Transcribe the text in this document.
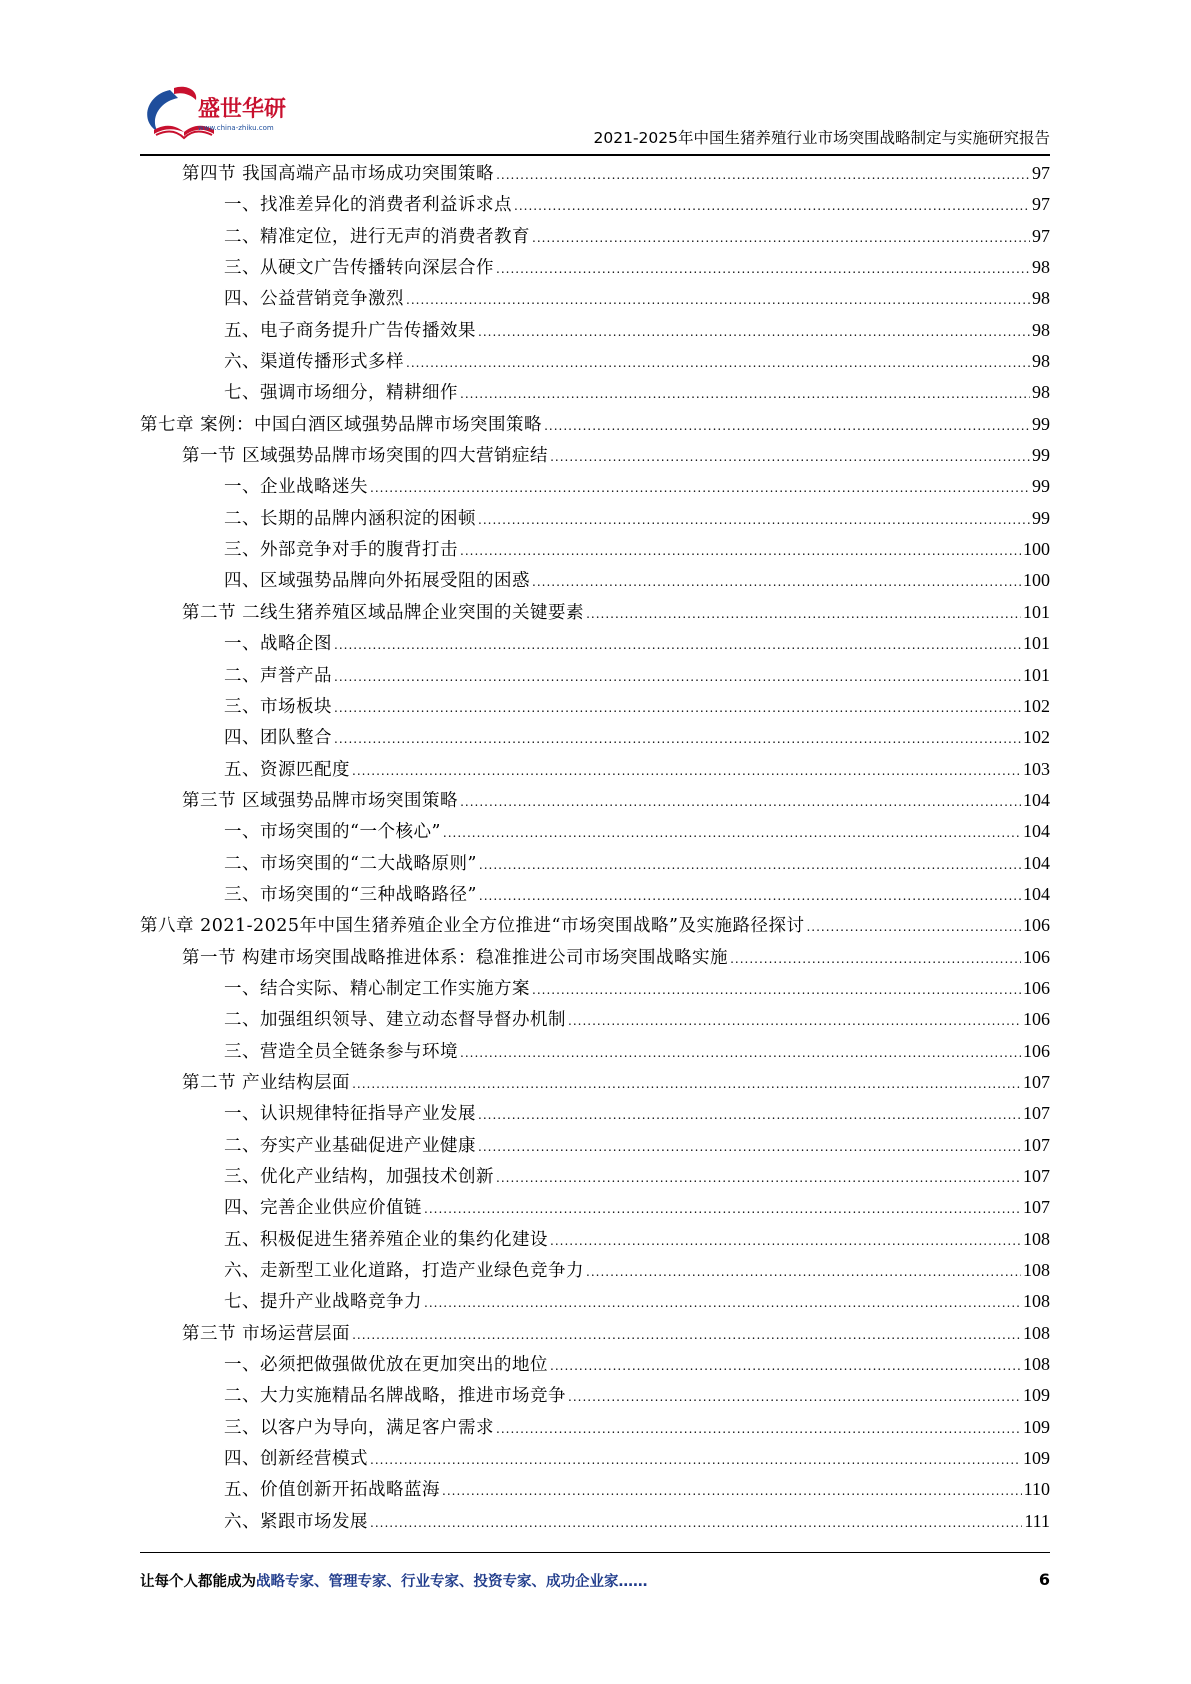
盛世华研
www.china-zhiku.com
2021-2025年中国生猪养殖行业市场突围战略制定与实施研究报告
第四节 我国高端产品市场成功突围策略 .....	97
一、找准差异化的消费者利益诉求点 .....	97
二、精准定位，进行无声的消费者教育 .....	97
三、从硬文广告传播转向深层合作 .....	98
四、公益营销竞争激烈 .....	98
五、电子商务提升广告传播效果 .....	98
六、渠道传播形式多样 .....	98
七、强调市场细分，精耕细作 .....	98
第七章 案例：中国白酒区域强势品牌市场突围策略 .....	99
第一节 区域强势品牌市场突围的四大营销症结 .....	99
一、企业战略迷失 .....	99
二、长期的品牌内涵积淀的困顿 .....	99
三、外部竞争对手的腹背打击 .....	100
四、区域强势品牌向外拓展受阻的困惑 .....	100
第二节 二线生猪养殖区域品牌企业突围的关键要素 .....	101
一、战略企图 .....	101
二、声誉产品 .....	101
三、市场板块 .....	102
四、团队整合 .....	102
五、资源匹配度 .....	103
第三节 区域强势品牌市场突围策略 .....	104
一、市场突围的“一个核心” .....	104
二、市场突围的“二大战略原则” .....	104
三、市场突围的“三种战略路径” .....	104
第八章 2021-2025年中国生猪养殖企业全方位推进“市场突围战略”及实施路径探讨 .....	106
第一节 构建市场突围战略推进体系：稳准推进公司市场突围战略实施 .....	106
一、结合实际、精心制定工作实施方案 .....	106
二、加强组织领导、建立动态督导督办机制 .....	106
三、营造全员全链条参与环境 .....	106
第二节 产业结构层面 .....	107
一、认识规律特征指导产业发展 .....	107
二、夯实产业基础促进产业健康 .....	107
三、优化产业结构，加强技术创新 .....	107
四、完善企业供应价值链 .....	107
五、积极促进生猪养殖企业的集约化建设 .....	108
六、走新型工业化道路，打造产业绿色竞争力 .....	108
七、提升产业战略竞争力 .....	108
第三节 市场运营层面 .....	108
一、必须把做强做优放在更加突出的地位 .....	108
二、大力实施精品名牌战略，推进市场竞争 .....	109
三、以客户为导向，满足客户需求 .....	109
四、创新经营模式 .....	109
五、价值创新开拓战略蓝海 .....	110
六、紧跟市场发展 .....	111
让每个人都能成为战略专家、管理专家、行业专家、投资专家、成功企业家……	6
